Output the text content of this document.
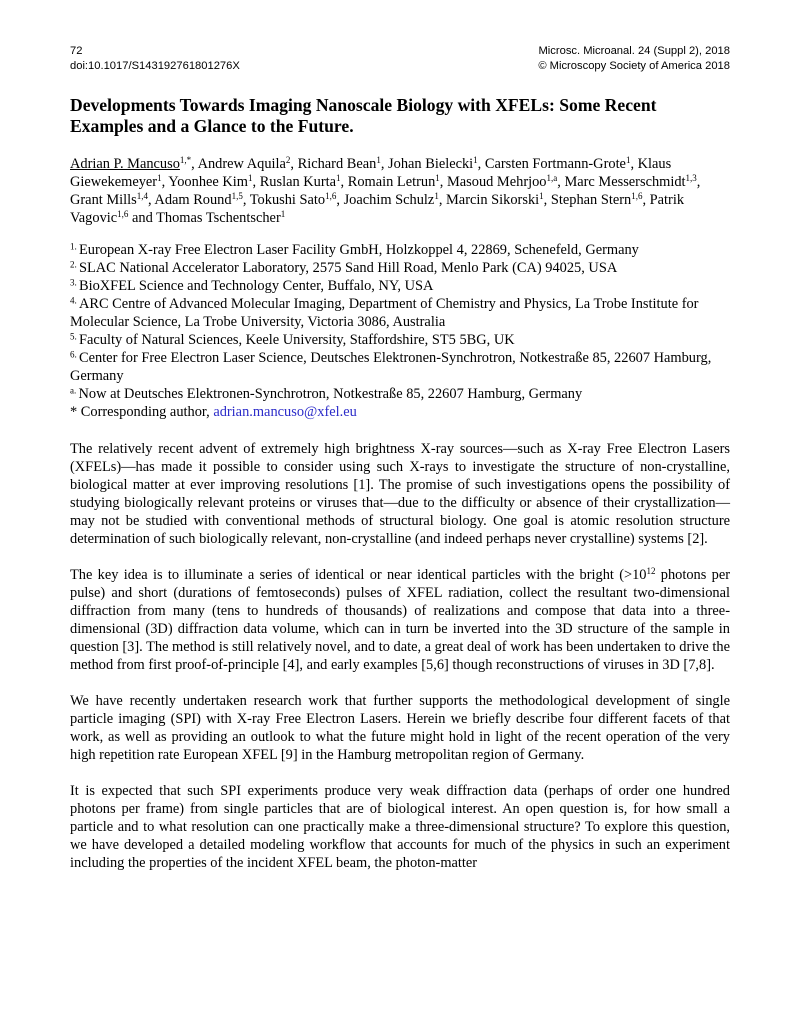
72
doi:10.1017/S143192761801276X
Microsc. Microanal. 24 (Suppl 2), 2018
© Microscopy Society of America 2018
Developments Towards Imaging Nanoscale Biology with XFELs: Some Recent Examples and a Glance to the Future.
Adrian P. Mancuso$^{1,*}$, Andrew Aquila$^2$, Richard Bean$^1$, Johan Bielecki$^1$, Carsten Fortmann-Grote$^1$, Klaus Giewekemeyer$^1$, Yoonhee Kim$^1$, Ruslan Kurta$^1$, Romain Letrun$^1$, Masoud Mehrjoo$^{1,a}$, Marc Messerschmidt$^{1,3}$, Grant Mills$^{1,4}$, Adam Round$^{1,5}$, Tokushi Sato$^{1,6}$, Joachim Schulz$^1$, Marcin Sikorski$^1$, Stephan Stern$^{1,6}$, Patrik Vagovic$^{1,6}$ and Thomas Tschentscher$^1$
$^{1.}$ European X-ray Free Electron Laser Facility GmbH, Holzkoppel 4, 22869, Schenefeld, Germany
$^{2.}$ SLAC National Accelerator Laboratory, 2575 Sand Hill Road, Menlo Park (CA) 94025, USA
$^{3.}$ BioXFEL Science and Technology Center, Buffalo, NY, USA
$^{4.}$ ARC Centre of Advanced Molecular Imaging, Department of Chemistry and Physics, La Trobe Institute for Molecular Science, La Trobe University, Victoria 3086, Australia
$^{5.}$ Faculty of Natural Sciences, Keele University, Staffordshire, ST5 5BG, UK
$^{6.}$ Center for Free Electron Laser Science, Deutsches Elektronen-Synchrotron, Notkestraße 85, 22607 Hamburg, Germany
$^{a.}$ Now at Deutsches Elektronen-Synchrotron, Notkestraße 85, 22607 Hamburg, Germany
* Corresponding author, adrian.mancuso@xfel.eu
The relatively recent advent of extremely high brightness X-ray sources—such as X-ray Free Electron Lasers (XFELs)—has made it possible to consider using such X-rays to investigate the structure of non-crystalline, biological matter at ever improving resolutions [1]. The promise of such investigations opens the possibility of studying biologically relevant proteins or viruses that—due to the difficulty or absence of their crystallization—may not be studied with conventional methods of structural biology. One goal is atomic resolution structure determination of such biologically relevant, non-crystalline (and indeed perhaps never crystalline) systems [2].
The key idea is to illuminate a series of identical or near identical particles with the bright ($>10^{12}$ photons per pulse) and short (durations of femtoseconds) pulses of XFEL radiation, collect the resultant two-dimensional diffraction from many (tens to hundreds of thousands) of realizations and compose that data into a three-dimensional (3D) diffraction data volume, which can in turn be inverted into the 3D structure of the sample in question [3]. The method is still relatively novel, and to date, a great deal of work has been undertaken to drive the method from first proof-of-principle [4], and early examples [5,6] though reconstructions of viruses in 3D [7,8].
We have recently undertaken research work that further supports the methodological development of single particle imaging (SPI) with X-ray Free Electron Lasers. Herein we briefly describe four different facets of that work, as well as providing an outlook to what the future might hold in light of the recent operation of the very high repetition rate European XFEL [9] in the Hamburg metropolitan region of Germany.
It is expected that such SPI experiments produce very weak diffraction data (perhaps of order one hundred photons per frame) from single particles that are of biological interest. An open question is, for how small a particle and to what resolution can one practically make a three-dimensional structure? To explore this question, we have developed a detailed modeling workflow that accounts for much of the physics in such an experiment including the properties of the incident XFEL beam, the photon-matter
